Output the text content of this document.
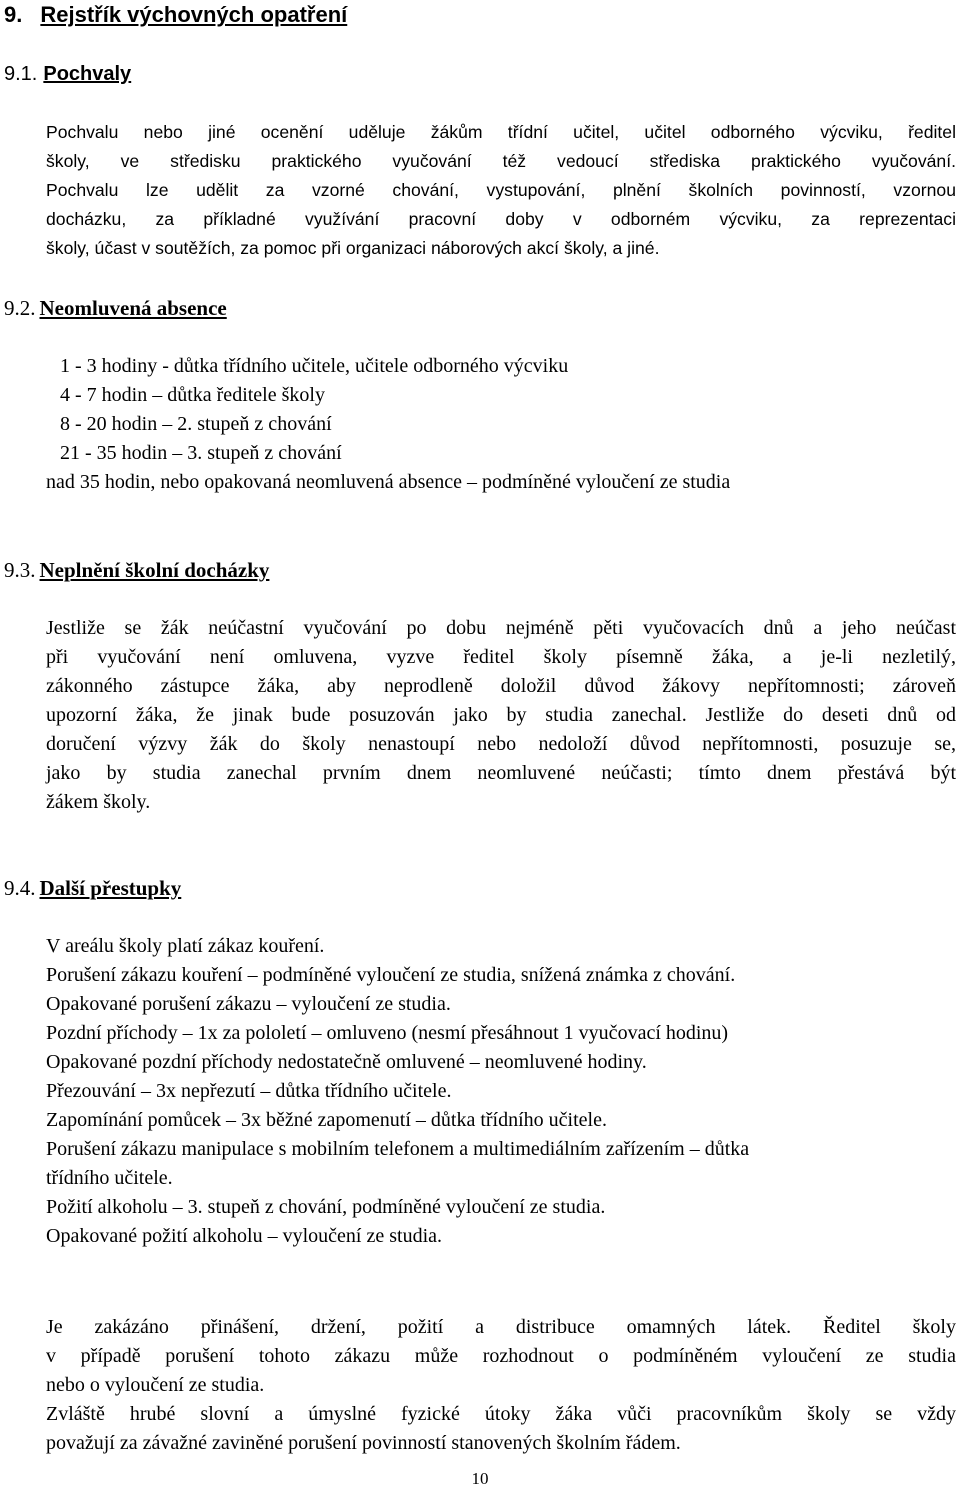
9. Rejstřík výchovných opatření
9.1. Pochvaly
Pochvalu nebo jiné ocenění uděluje žákům třídní učitel, učitel odborného výcviku, ředitel
školy, ve středisku praktického vyučování též vedoucí střediska praktického vyučování.
Pochvalu lze udělit za vzorné chování, vystupování, plnění školních povinností, vzornou
docházku, za příkladné využívání pracovní doby v odborném výcviku, za reprezentaci
školy, účast v soutěžích, za pomoc při organizaci náborových akcí školy, a jiné.
9.2. Neomluvená absence
1 - 3 hodiny - důtka třídního učitele, učitele odborného výcviku
4 - 7 hodin – důtka ředitele školy
8 - 20 hodin – 2. stupeň z chování
21 - 35 hodin – 3. stupeň z chování
nad 35 hodin, nebo opakovaná neomluvená absence – podmíněné vyloučení ze studia
9.3. Neplnění školní docházky
Jestliže se žák neúčastní vyučování po dobu nejméně pěti vyučovacích dnů a jeho neúčast
při vyučování není omluvena, vyzve ředitel školy písemně žáka, a je-li nezletilý,
zákonného zástupce žáka, aby neprodleně doložil důvod žákovy nepřítomnosti; zároveň
upozorní žáka, že jinak bude posuzován jako by studia zanechal. Jestliže do deseti dnů od
doručení výzvy žák do školy nenastoupí nebo nedoloží důvod nepřítomnosti, posuzuje se,
jako by studia zanechal prvním dnem neomluvené neúčasti; tímto dnem přestává být
žákem školy.
9.4. Další přestupky
V areálu školy platí zákaz kouření.
Porušení zákazu kouření – podmíněné vyloučení ze studia, snížená známka z chování.
Opakované porušení zákazu – vyloučení ze studia.
Pozdní příchody – 1x za pololetí – omluveno (nesmí přesáhnout 1 vyučovací hodinu)
Opakované pozdní příchody nedostatečně omluvené – neomluvené hodiny.
Přezouvání – 3x nepřezutí – důtka třídního učitele.
Zapomínání pomůcek – 3x běžné zapomenutí – důtka třídního učitele.
Porušení zákazu manipulace s mobilním telefonem a multimediálním zařízením – důtka
třídního učitele.
Požití alkoholu – 3. stupeň z chování, podmíněné vyloučení ze studia.
Opakované požití alkoholu – vyloučení ze studia.
Je zakázáno přinášení, držení, požití a distribuce omamných látek. Ředitel školy
v případě porušení tohoto zákazu může rozhodnout o podmíněném vyloučení ze studia
nebo o vyloučení ze studia.
Zvláště hrubé slovní a úmyslné fyzické útoky žáka vůči pracovníkům školy se vždy
považují za závažné zaviněné porušení povinností stanovených školním řádem.
10
